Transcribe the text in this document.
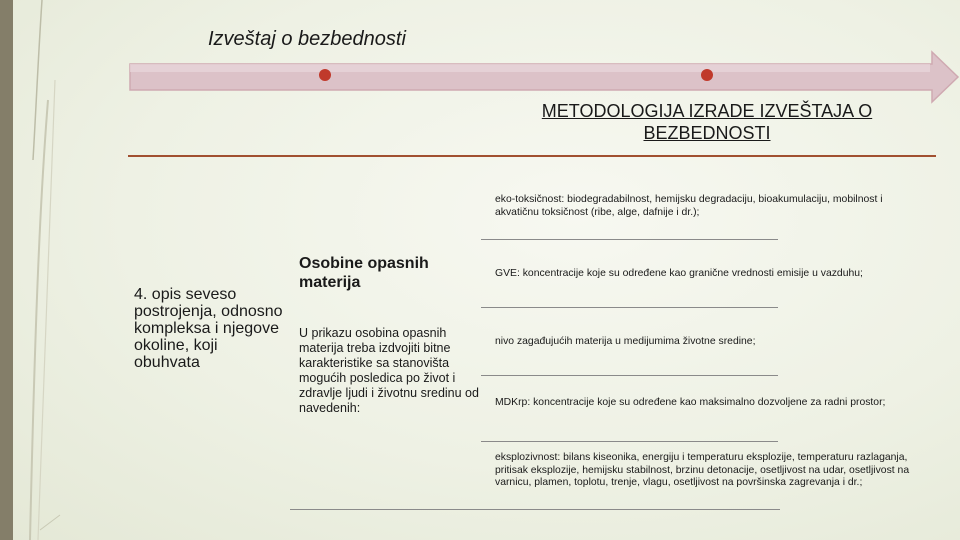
Izveštaj o bezbednosti
METODOLOGIJA IZRADE IZVEŠTAJA O BEZBEDNOSTI
4. opis seveso postrojenja, odnosno kompleksa i njegove okoline, koji obuhvata
Osobine opasnih materija
U prikazu osobina opasnih materija treba izdvojiti bitne karakteristike sa stanovišta mogućih posledica po život i zdravlje ljudi i životnu sredinu od navedenih:
eko-toksičnost: biodegradabilnost, hemijsku degradaciju, bioakumulaciju, mobilnost i akvatičnu toksičnost (ribe, alge, dafnije i dr.);
GVE: koncentracije koje su određene kao granične vrednosti emisije u vazduhu;
nivo zagađujućih materija u medijumima životne sredine;
MDKrp: koncentracije koje su određene kao maksimalno dozvoljene za radni prostor;
eksplozivnost: bilans kiseonika, energiju i temperaturu eksplozije, temperaturu razlaganja, pritisak eksplozije, hemijsku stabilnost, brzinu detonacije, osetljivost na udar, osetljivost na varnicu, plamen, toplotu, trenje, vlagu, osetljivost na površinska zagrevanja i dr.;
